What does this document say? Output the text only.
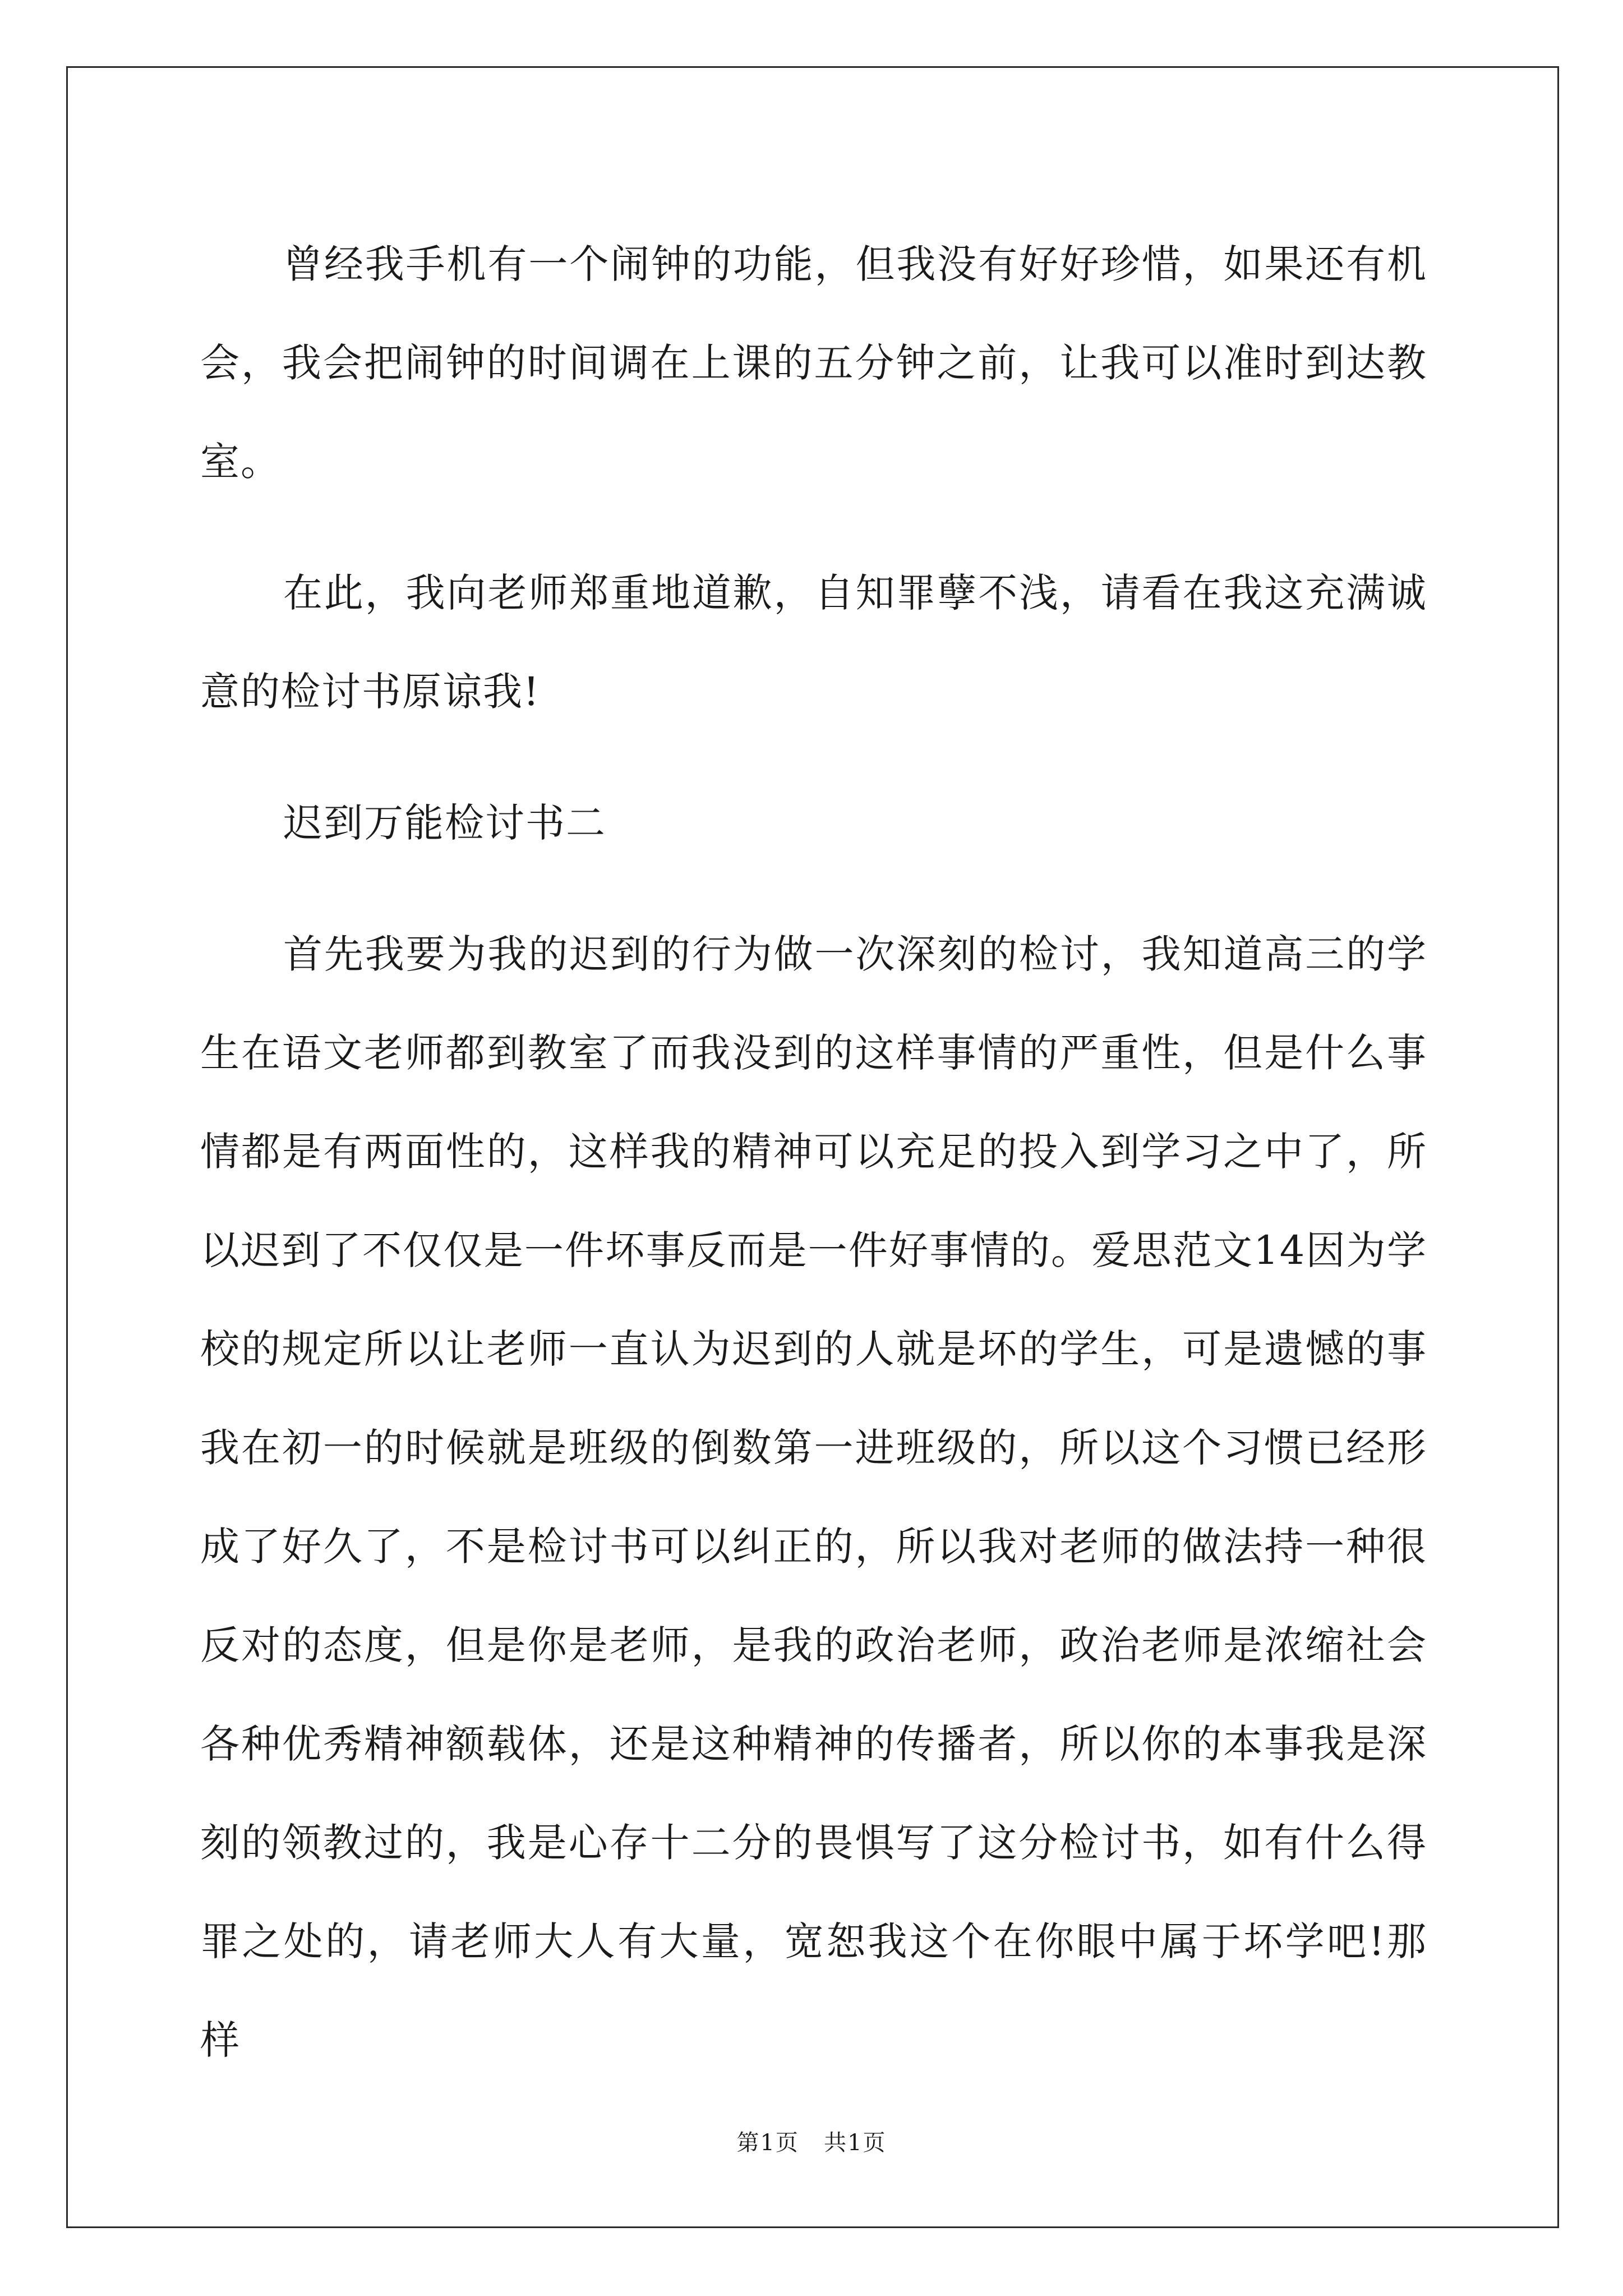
曾经我手机有一个闹钟的功能，但我没有好好珍惜，如果还有机会，我会把闹钟的时间调在上课的五分钟之前，让我可以准时到达教室。

在此，我向老师郑重地道歉，自知罪孽不浅，请看在我这充满诚意的检讨书原谅我!

迟到万能检讨书二

首先我要为我的迟到的行为做一次深刻的检讨，我知道高三的学生在语文老师都到教室了而我没到的这样事情的严重性，但是什么事情都是有两面性的，这样我的精神可以充足的投入到学习之中了，所以迟到了不仅仅是一件坏事反而是一件好事情的。爱思范文14因为学校的规定所以让老师一直认为迟到的人就是坏的学生，可是遗憾的事我在初一的时候就是班级的倒数第一进班级的，所以这个习惯已经形成了好久了，不是检讨书可以纠正的，所以我对老师的做法持一种很反对的态度，但是你是老师，是我的政治老师，政治老师是浓缩社会各种优秀精神额载体，还是这种精神的传播者，所以你的本事我是深刻的领教过的，我是心存十二分的畏惧写了这分检讨书，如有什么得罪之处的，请老师大人有大量，宽恕我这个在你眼中属于坏学吧!那样

第1页 共1页
